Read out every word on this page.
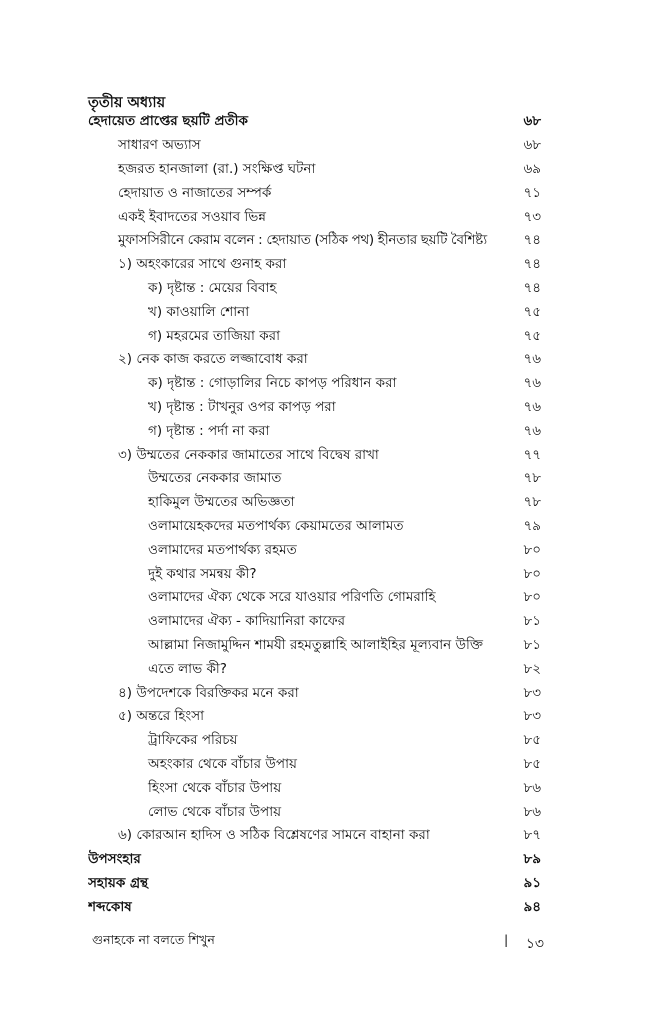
তৃতীয় অধ্যায়
হেদায়েত প্রাপ্তের ছয়টি প্রতীক	৬৮
সাধারণ অভ্যাস	৬৮
হজরত হানজালা (রা.) সংক্ষিপ্ত ঘটনা	৬৯
হেদায়াত ও নাজাতের সম্পর্ক	৭১
একই ইবাদতের সওয়াব ভিন্ন	৭৩
মুফাসসিরীনে কেরাম বলেন : হেদায়াত (সঠিক পথ) হীনতার ছয়টি বৈশিষ্ট্য	৭৪
১) অহংকারের সাথে গুনাহ করা	৭৪
ক) দৃষ্টান্ত : মেয়ের বিবাহ	৭৪
খ) কাওয়ালি শোনা	৭৫
গ) মহরমের তাজিয়া করা	৭৫
২) নেক কাজ করতে লজ্জাবোধ করা	৭৬
ক) দৃষ্টান্ত : গোড়ালির নিচে কাপড় পরিধান করা	৭৬
খ) দৃষ্টান্ত : টাখনুর ওপর কাপড় পরা	৭৬
গ) দৃষ্টান্ত : পর্দা না করা	৭৬
৩) উম্মতের নেককার জামাতের সাথে বিদ্বেষ রাখা	৭৭
উম্মতের নেককার জামাত	৭৮
হাকিমুল উম্মতের অভিজ্ঞতা	৭৮
ওলামায়েহকদের মতপার্থক্য কেয়ামতের আলামত	৭৯
ওলামাদের মতপার্থক্য রহমত	৮০
দুই কথার সমন্বয় কী?	৮০
ওলামাদের ঐক্য থেকে সরে যাওয়ার পরিণতি গোমরাহি	৮০
ওলামাদের ঐক্য - কাদিয়ানিরা কাফের	৮১
আল্লামা নিজামুদ্দিন শামযী রহমতুল্লাহি আলাইহির মূল্যবান উক্তি	৮১
এতে লাভ কী?	৮২
৪) উপদেশকে বিরক্তিকর মনে করা	৮৩
৫) অন্তরে হিংসা	৮৩
ট্রাফিকের পরিচয়	৮৫
অহংকার থেকে বাঁচার উপায়	৮৫
হিংসা থেকে বাঁচার উপায়	৮৬
লোভ থেকে বাঁচার উপায়	৮৬
৬) কোরআন হাদিস ও সঠিক বিশ্লেষণের সামনে বাহানা করা	৮৭
উপসংহার	৮৯
সহায়ক গ্রন্থ	৯১
শব্দকোষ	৯৪
গুনাহকে না বলতে শিখুন	| ১৩
